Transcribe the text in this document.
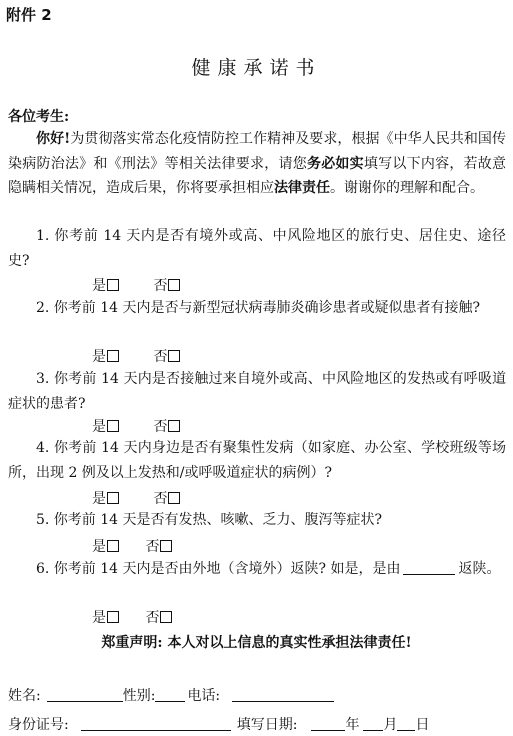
附件 2
健康承诺书
各位考生:
你好!为贯彻落实常态化疫情防控工作精神及要求，根据《中华人民共和国传染病防治法》和《刑法》等相关法律要求，请您务必如实填写以下内容，若故意隐瞒相关情况，造成后果，你将要承担相应法律责任。谢谢你的理解和配合。
1. 你考前 14 天内是否有境外或高、中风险地区的旅行史、居住史、途径史?
是	否
2. 你考前 14 天内是否与新型冠状病毒肺炎确诊患者或疑似患者有接触?
是	否
3. 你考前 14 天内是否接触过来自境外或高、中风险地区的发热或有呼吸道症状的患者?
是	否
4. 你考前 14 天内身边是否有聚集性发病（如家庭、办公室、学校班级等场所，出现 2 例及以上发热和/或呼吸道症状的病例）?
是	否
5. 你考前 14 天是否有发热、咳嗽、乏力、腹泻等症状?
是	否
6. 你考前 14 天内是否由外地（含境外）返陕? 如是，是由	返陕。
是	否
郑重声明: 本人对以上信息的真实性承担法律责任!
姓名:	性别: 电话:
身份证号:	填写日期:	年 月 日
